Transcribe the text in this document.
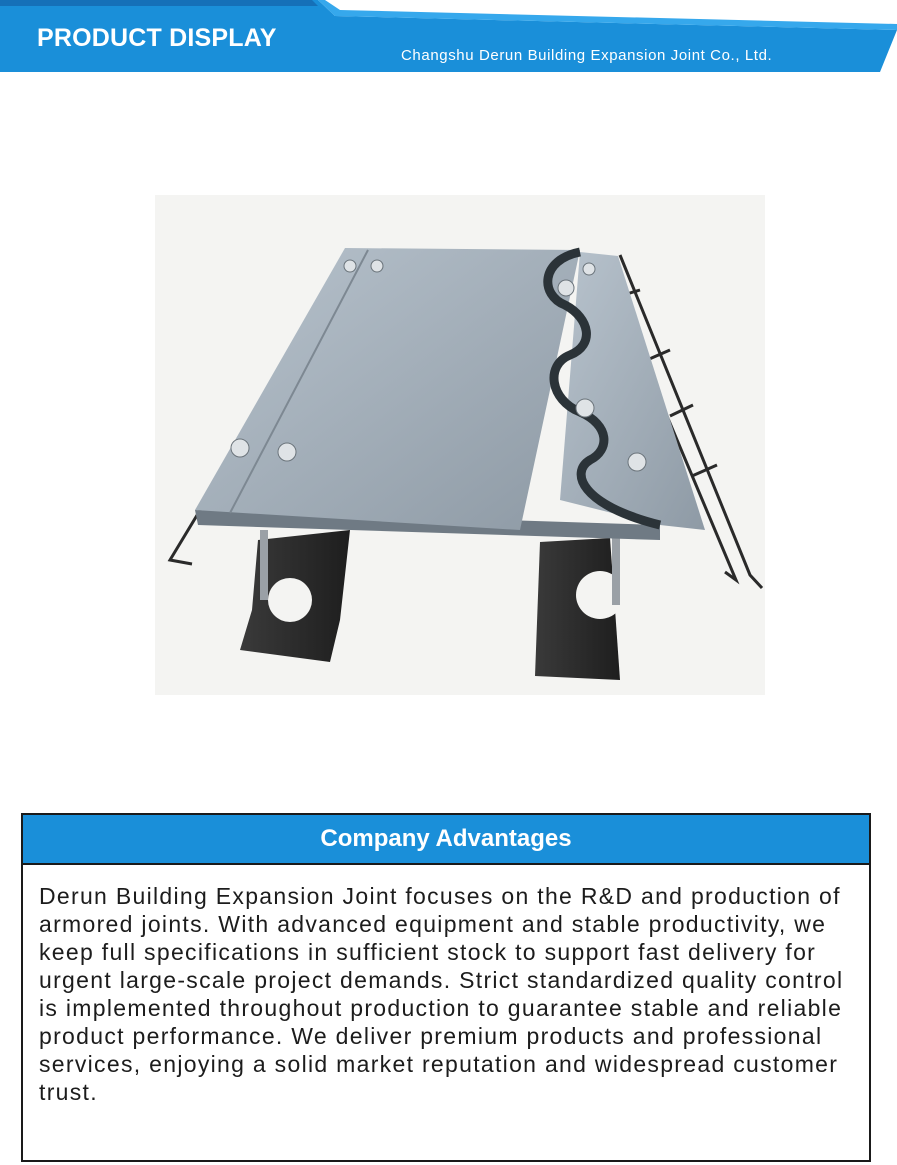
PRODUCT DISPLAY
Changshu Derun Building Expansion Joint Co., Ltd.
Company Advantages

Derun Building Expansion Joint focuses on the R&D and production of armored joints. With advanced equipment and stable productivity, we keep full specifications in sufficient stock to support fast delivery for urgent large-scale project demands. Strict standardized quality control is implemented throughout production to guarantee stable and reliable product performance. We deliver premium products and professional services, enjoying a solid market reputation and widespread customer trust.
